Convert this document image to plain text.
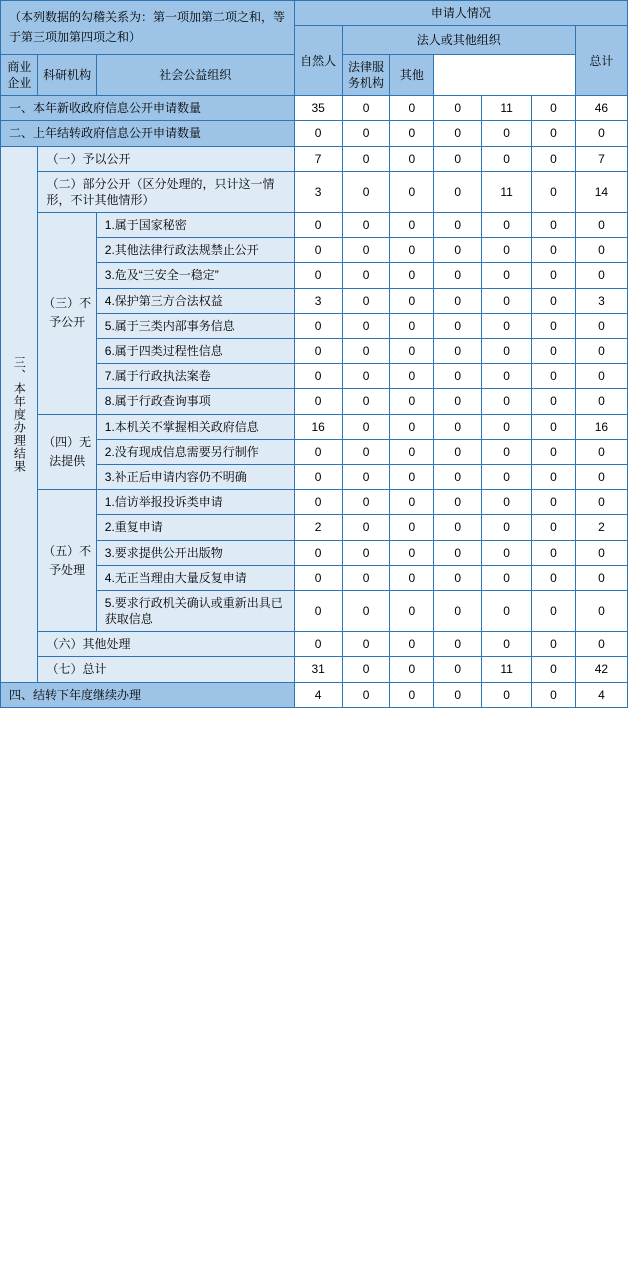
（本列数据的勾稽关系为：第一项加第二项之和，等于第三项加第四项之和）			申请人情况						
			自然人	法人或其他组织					总计
商业企业	科研机构	社会公益组织		法律服务机构	其他				
一、本年新收政府信息公开申请数量			35	0	0	0	11	0	46
二、上年结转政府信息公开申请数量			0	0	0	0	0	0	0

三、本年度办理结果	（一）予以公开		7	0	0	0	0	0	7
	（二）部分公开（区分处理的，只计这一情形，不计其他情形）		3	0	0	0	11	0	14
	（三）不予公开	1.属于国家秘密	0	0	0	0	0	0	0
		2.其他法律行政法规禁止公开	0	0	0	0	0	0	0
		3.危及“三安全一稳定”	0	0	0	0	0	0	0
		4.保护第三方合法权益	3	0	0	0	0	0	3
		5.属于三类内部事务信息	0	0	0	0	0	0	0
		6.属于四类过程性信息	0	0	0	0	0	0	0
		7.属于行政执法案卷	0	0	0	0	0	0	0
		8.属于行政查询事项	0	0	0	0	0	0	0
	（四）无法提供	1.本机关不掌握相关政府信息	16	0	0	0	0	0	16
		2.没有现成信息需要另行制作	0	0	0	0	0	0	0
		3.补正后申请内容仍不明确	0	0	0	0	0	0	0
	（五）不予处理	1.信访举报投诉类申请	0	0	0	0	0	0	0
		2.重复申请	2	0	0	0	0	0	2
		3.要求提供公开出版物	0	0	0	0	0	0	0
		4.无正当理由大量反复申请	0	0	0	0	0	0	0
		5.要求行政机关确认或重新出具已获取信息	0	0	0	0	0	0	0
	（六）其他处理		0	0	0	0	0	0	0
	（七）总计		31	0	0	0	11	0	42
四、结转下年度继续办理			4	0	0	0	0	0	4
